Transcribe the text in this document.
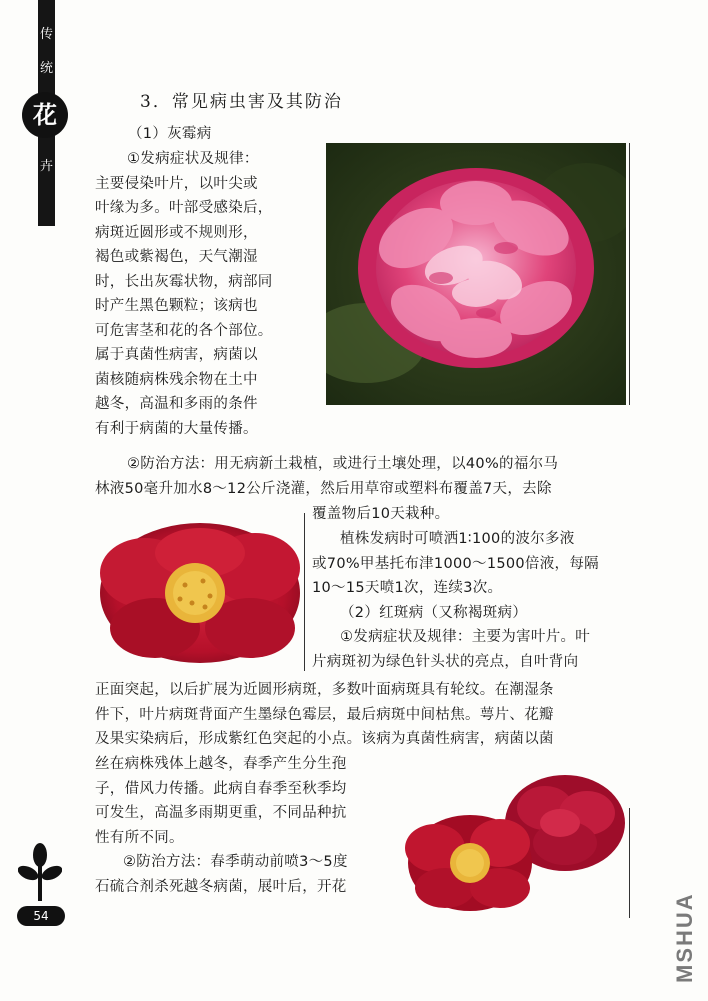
传
统
花
卉
3．常见病虫害及其防治
（1）灰霉病
①发病症状及规律：
主要侵染叶片，以叶尖或
叶缘为多。叶部受感染后，
病斑近圆形或不规则形，
褐色或紫褐色，天气潮湿
时，长出灰霉状物，病部同
时产生黑色颗粒；该病也
可危害茎和花的各个部位。
属于真菌性病害，病菌以
菌核随病株残余物在土中
越冬，高温和多雨的条件
有利于病菌的大量传播。
②防治方法：用无病新土栽植，或进行土壤处理，以40%的福尔马
林液50毫升加水8～12公斤浇灌，然后用草帘或塑料布覆盖7天，去除
覆盖物后10天栽种。
植株发病时可喷洒1∶100的波尔多液
或70%甲基托布津1000～1500倍液，每隔
10～15天喷1次，连续3次。
（2）红斑病（又称褐斑病）
①发病症状及规律：主要为害叶片。叶
片病斑初为绿色针头状的亮点，自叶背向
正面突起，以后扩展为近圆形病斑，多数叶面病斑具有轮纹。在潮湿条
件下，叶片病斑背面产生墨绿色霉层，最后病斑中间枯焦。萼片、花瓣
及果实染病后，形成紫红色突起的小点。该病为真菌性病害，病菌以菌
丝在病株残体上越冬，春季产生分生孢
子，借风力传播。此病自春季至秋季均
可发生，高温多雨期更重，不同品种抗
性有所不同。
②防治方法：春季萌动前喷3～5度
石硫合剂杀死越冬病菌，展叶后，开花
54	MSHUA
